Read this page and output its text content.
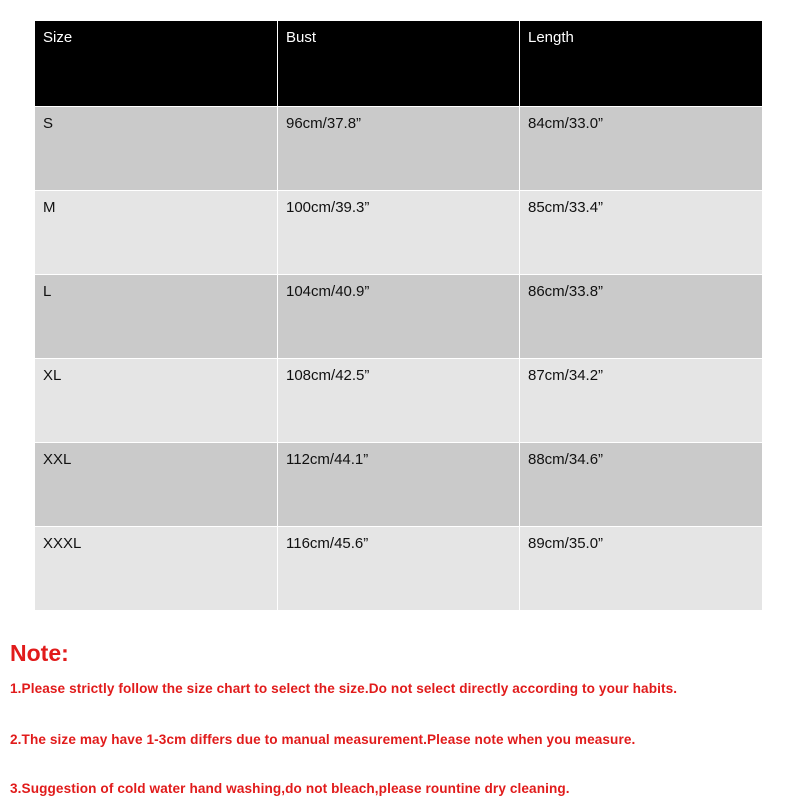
Size	Bust	Length
S	96cm/37.8”	84cm/33.0”
M	100cm/39.3”	85cm/33.4”
L	104cm/40.9”	86cm/33.8”
XL	108cm/42.5”	87cm/34.2”
XXL	112cm/44.1”	88cm/34.6”
XXXL	116cm/45.6”	89cm/35.0”

Note:

1.Please strictly follow the size chart to select the size.Do not select directly according to your habits.

2.The size may have 1-3cm differs due to manual measurement.Please note when you measure.

3.Suggestion of cold water hand washing,do not bleach,please rountine dry cleaning.
